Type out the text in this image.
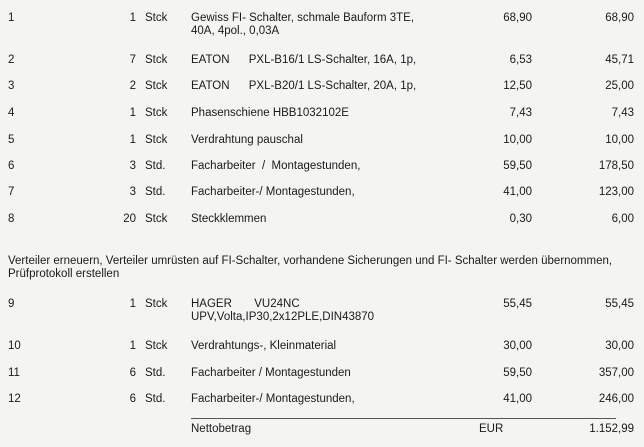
1	1 Stck Gewiss FI- Schalter, schmale Bauform 3TE,
40A, 4pol., 0,03A
68,90	68,90
2	7 Stck EATON      PXL-B16/1 LS-Schalter, 16A, 1p,	6,53	45,71
3	2 Stck EATON      PXL-B20/1 LS-Schalter, 20A, 1p,	12,50	25,00
4	1 Stck Phasenschiene HBB1032102E	7,43	7,43
5	1 Stck Verdrahtung pauschal	10,00	10,00
6	3 Std. Facharbeiter  /  Montagestunden,	59,50	178,50
7	3 Std. Facharbeiter-/ Montagestunden,	41,00	123,00
8	20 Stck Steckklemmen	0,30	6,00
Verteiler erneuern, Verteiler umrüsten auf FI-Schalter, vorhandene Sicherungen und FI- Schalter werden übernommen, Prüfprotokoll erstellen
9	1 Stck HAGER       VU24NC
UPV,Volta,IP30,2x12PLE,DIN43870
55,45	55,45
10	1 Stck Verdrahtungs-, Kleinmaterial	30,00	30,00
11	6 Std. Facharbeiter / Montagestunden	59,50	357,00
12	6 Std. Facharbeiter-/ Montagestunden,	41,00	246,00
Nettobetrag	EUR	1.152,99
